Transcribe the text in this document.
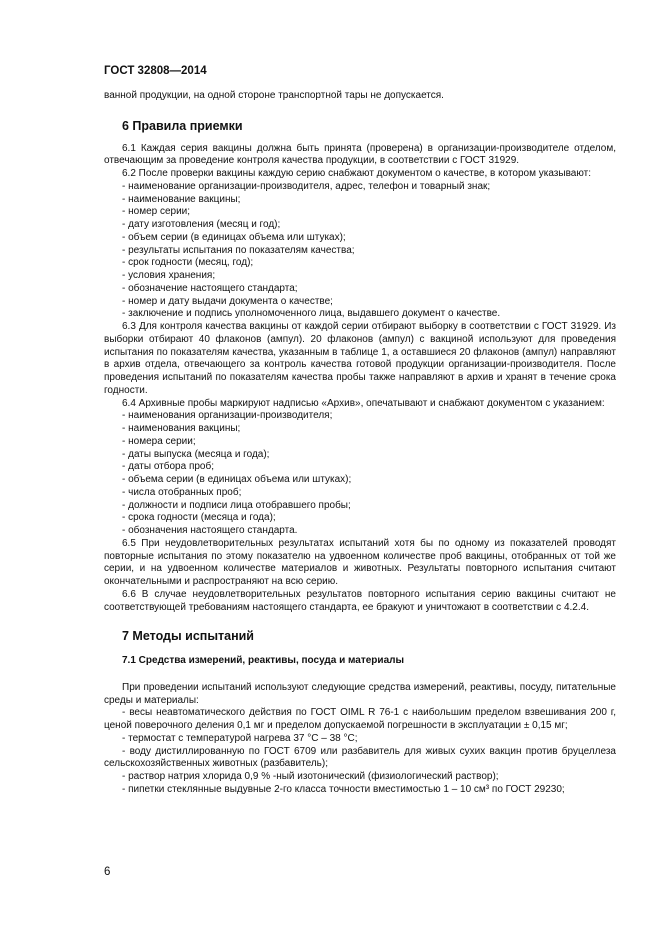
ГОСТ 32808—2014

ванной продукции, на одной стороне транспортной тары не допускается.

6 Правила приемки

6.1 Каждая серия вакцины должна быть принята (проверена) в организации-производителе отделом, отвечающим за проведение контроля качества продукции, в соответствии с ГОСТ 31929.

6.2 После проверки вакцины каждую серию снабжают документом о качестве, в котором указывают:

- наименование организации-производителя, адрес, телефон и товарный знак;
- наименование вакцины;
- номер серии;
- дату изготовления (месяц и год);
- объем серии (в единицах объема или штуках);
- результаты испытания по показателям качества;
- срок годности (месяц, год);
- условия хранения;
- обозначение настоящего стандарта;
- номер и дату выдачи документа о качестве;
- заключение и подпись уполномоченного лица, выдавшего документ о качестве.

6.3 Для контроля качества вакцины от каждой серии отбирают выборку в соответствии с ГОСТ 31929. Из выборки отбирают 40 флаконов (ампул). 20 флаконов (ампул) с вакциной используют для проведения испытания по показателям качества, указанным в таблице 1, а оставшиеся 20 флаконов (ампул) направляют в архив отдела, отвечающего за контроль качества готовой продукции организации-производителя. После проведения испытаний по показателям качества пробы также направляют в архив и хранят в течение срока годности.

6.4 Архивные пробы маркируют надписью «Архив», опечатывают и снабжают документом с указанием:

- наименования организации-производителя;
- наименования вакцины;
- номера серии;
- даты выпуска (месяца и года);
- даты отбора проб;
- объема серии (в единицах объема или штуках);
- числа отобранных проб;
- должности и подписи лица отобравшего пробы;
- срока годности (месяца и года);
- обозначения настоящего стандарта.

6.5 При неудовлетворительных результатах испытаний хотя бы по одному из показателей проводят повторные испытания по этому показателю на удвоенном количестве проб вакцины, отобранных от той же серии, и на удвоенном количестве материалов и животных. Результаты повторного испытания считают окончательными и распространяют на всю серию.

6.6 В случае неудовлетворительных результатов повторного испытания серию вакцины считают не соответствующей требованиям настоящего стандарта, ее бракуют и уничтожают в соответствии с 4.2.4.

7 Методы испытаний
7.1 Средства измерений, реактивы, посуда и материалы

При проведении испытаний используют следующие средства измерений, реактивы, посуду, питательные среды и материалы:

- весы неавтоматического действия по ГОСТ OIML R 76-1 с наибольшим пределом взвешивания 200 г, ценой поверочного деления 0,1 мг и пределом допускаемой погрешности в эксплуатации ± 0,15 мг;
- термостат с температурой нагрева 37 °С – 38 °С;
- воду дистиллированную по ГОСТ 6709 или разбавитель для живых сухих вакцин против бруцеллеза сельскохозяйственных животных (разбавитель);
- раствор натрия хлорида 0,9 % -ный изотонический (физиологический раствор);
- пипетки стеклянные выдувные 2-го класса точности вместимостью 1 – 10 см³ по ГОСТ 29230;
6
